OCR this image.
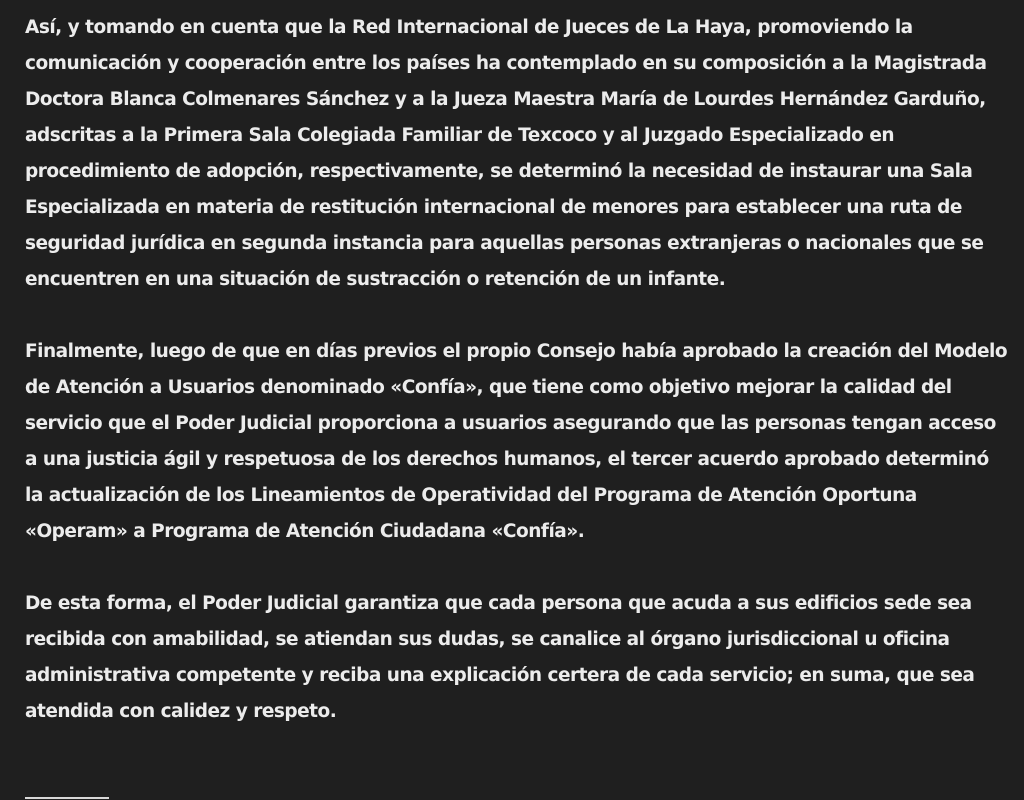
Así, y tomando en cuenta que la Red Internacional de Jueces de La Haya, promoviendo la comunicación y cooperación entre los países ha contemplado en su composición a la Magistrada Doctora Blanca Colmenares Sánchez y a la Jueza Maestra María de Lourdes Hernández Garduño, adscritas a la Primera Sala Colegiada Familiar de Texcoco y al Juzgado Especializado en procedimiento de adopción, respectivamente, se determinó la necesidad de instaurar una Sala Especializada en materia de restitución internacional de menores para establecer una ruta de seguridad jurídica en segunda instancia para aquellas personas extranjeras o nacionales que se encuentren en una situación de sustracción o retención de un infante.

Finalmente, luego de que en días previos el propio Consejo había aprobado la creación del Modelo de Atención a Usuarios denominado «Confía», que tiene como objetivo mejorar la calidad del servicio que el Poder Judicial proporciona a usuarios asegurando que las personas tengan acceso a una justicia ágil y respetuosa de los derechos humanos, el tercer acuerdo aprobado determinó la actualización de los Lineamientos de Operatividad del Programa de Atención Oportuna «Operam» a Programa de Atención Ciudadana «Confía».

De esta forma, el Poder Judicial garantiza que cada persona que acuda a sus edificios sede sea recibida con amabilidad, se atiendan sus dudas, se canalice al órgano jurisdiccional u oficina administrativa competente y reciba una explicación certera de cada servicio; en suma, que sea atendida con calidez y respeto.
